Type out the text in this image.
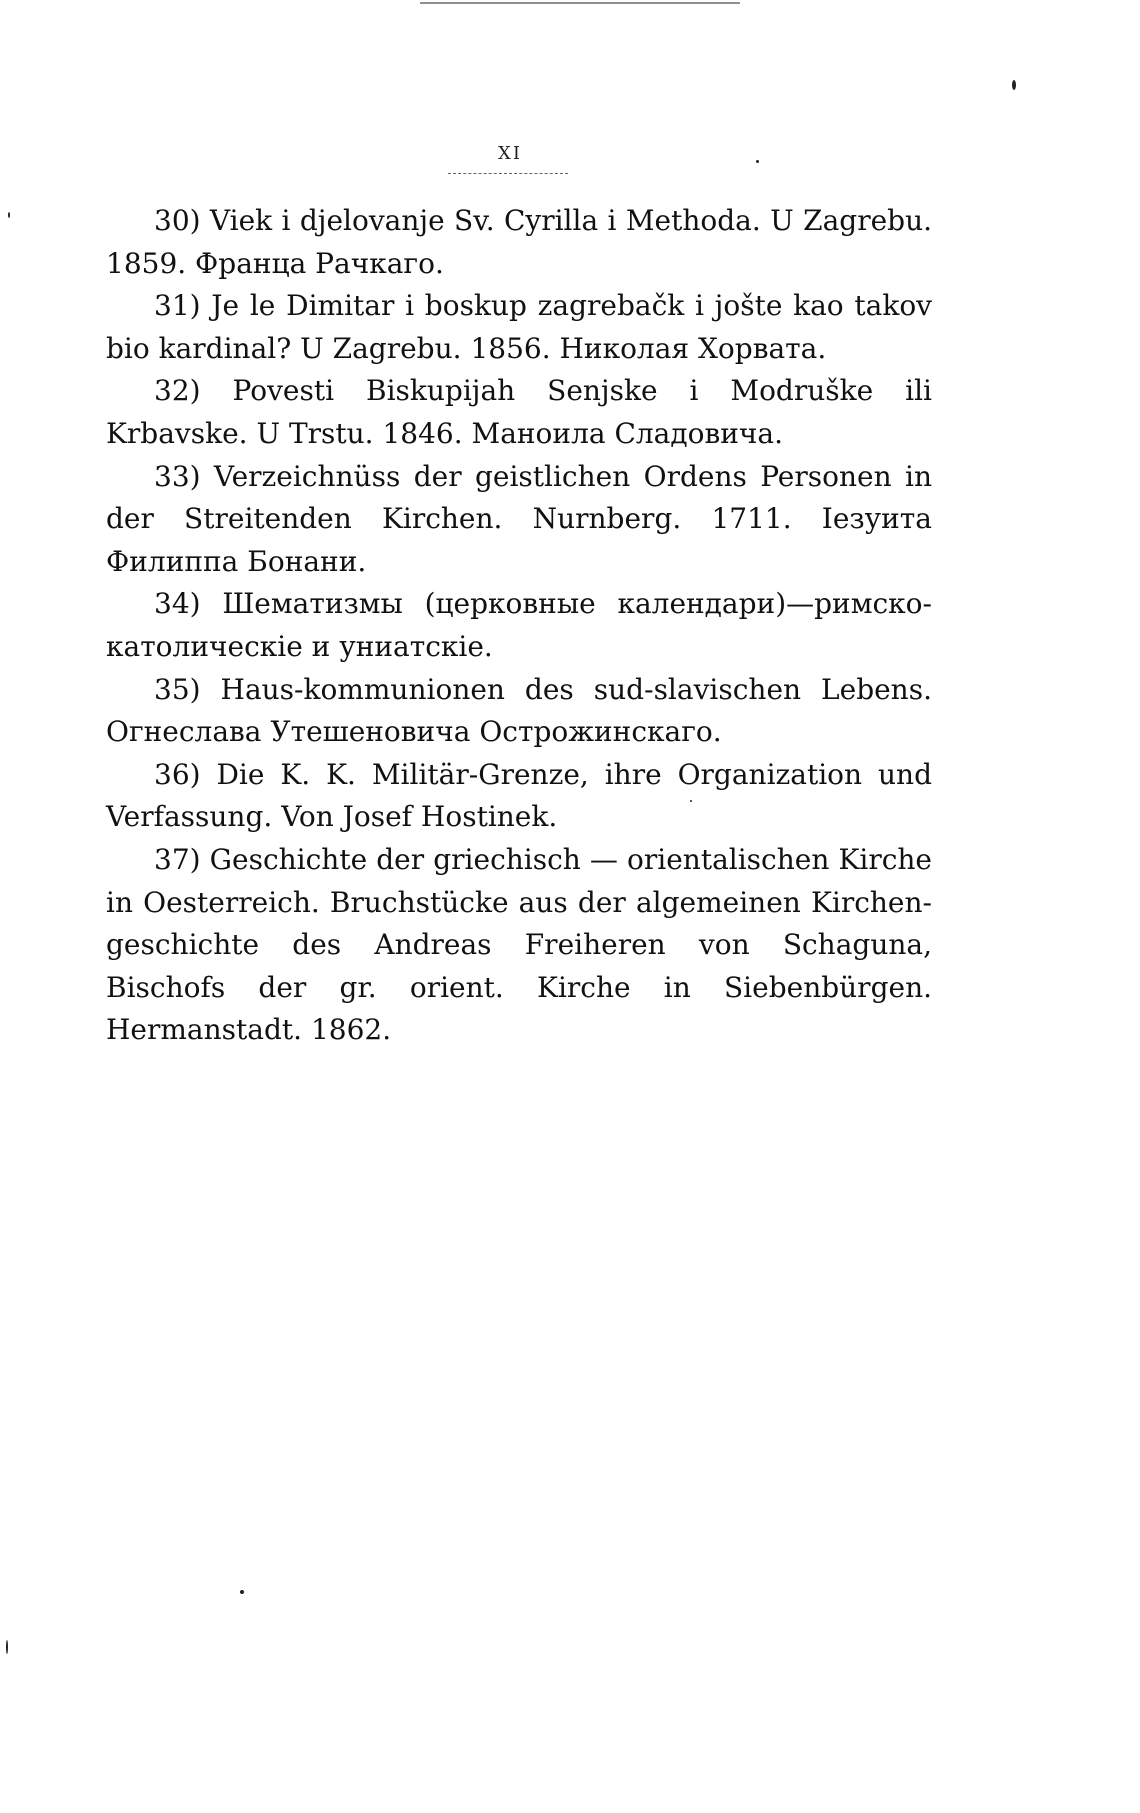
XI

30) Viek i djelovanje Sv. Cyrilla i Methoda. U Zagrebu. 1859. Франца Рачкаго.

31) Je le Dimitar i boskup zagrebačk i jošte kao takov bio kardinal? U Zagrebu. 1856. Николая Хорвата.

32) Povesti Biskupijah Senjske i Modruške ili Krbavske. U Trstu. 1846. Маноила Сладовича.

33) Verzeichnüss der geistlichen Ordens Personen in der Streitenden Kirchen. Nurnberg. 1711. Iезуита Филиппа Бонани.

34) Шематизмы (церковные календари)—римско-католическiе и униатскiе.

35) Haus-kommunionen des sud-slavischen Lebens. Огнеслава Утешеновича Острожинскаго.

36) Die K. K. Militär-Grenze, ihre Organization und Verfassung. Von Josef Hostinek.

37) Geschichte der griechisch — orientalischen Kirche in Oesterreich. Bruchstücke aus der algemeinen Kirchen-geschichte des Andreas Freiheren von Schaguna, Bischofs der gr. orient. Kirche in Siebenbürgen. Hermanstadt. 1862.
